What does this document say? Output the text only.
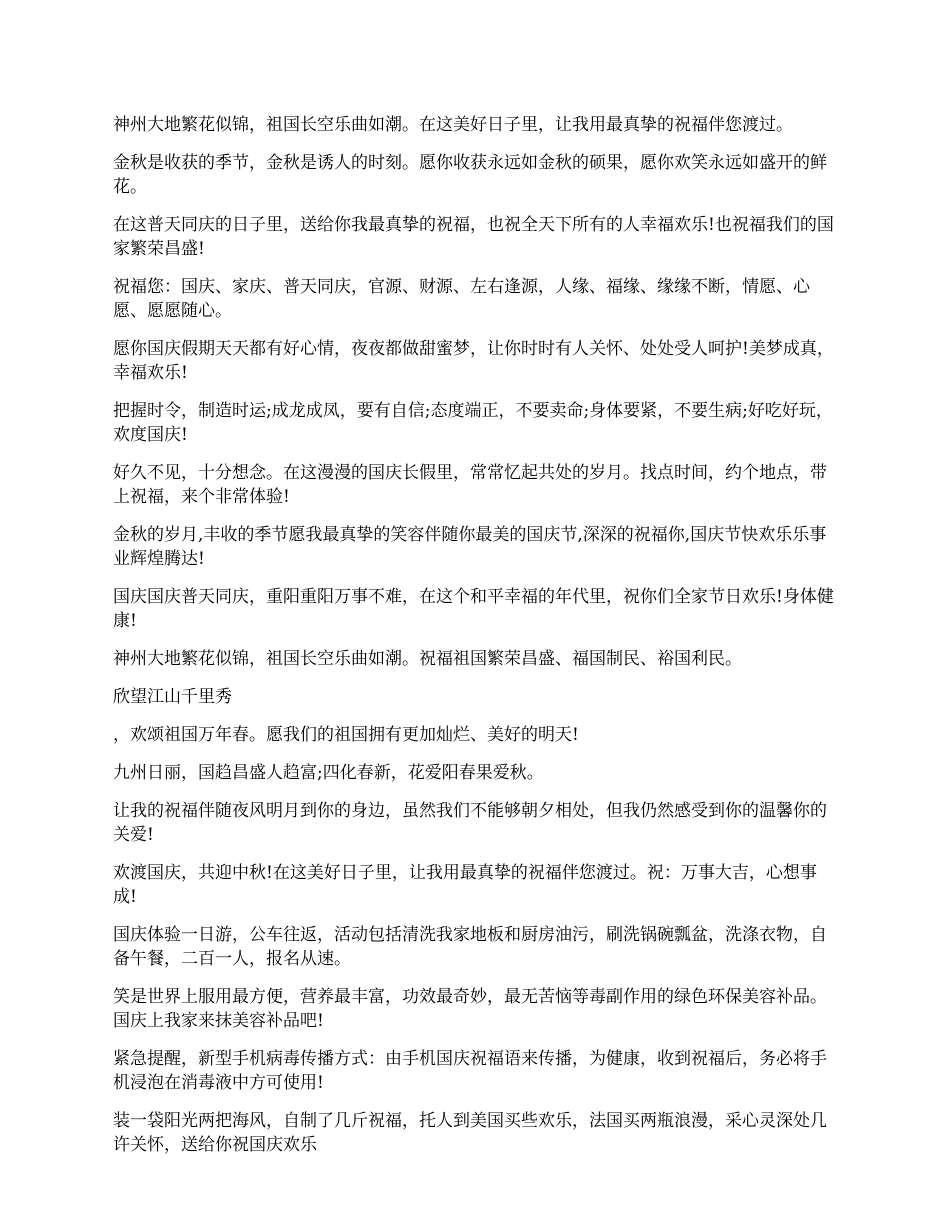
神州大地繁花似锦，祖国长空乐曲如潮。在这美好日子里，让我用最真挚的祝福伴您渡过。

金秋是收获的季节，金秋是诱人的时刻。愿你收获永远如金秋的硕果，愿你欢笑永远如盛开的鲜花。

在这普天同庆的日子里，送给你我最真挚的祝福，也祝全天下所有的人幸福欢乐!也祝福我们的国家繁荣昌盛!

祝福您：国庆、家庆、普天同庆，官源、财源、左右逢源，人缘、福缘、缘缘不断，情愿、心愿、愿愿随心。

愿你国庆假期天天都有好心情，夜夜都做甜蜜梦，让你时时有人关怀、处处受人呵护!美梦成真，幸福欢乐!

把握时令，制造时运;成龙成凤，要有自信;态度端正，不要卖命;身体要紧，不要生病;好吃好玩，欢度国庆!

好久不见，十分想念。在这漫漫的国庆长假里，常常忆起共处的岁月。找点时间，约个地点，带上祝福，来个非常体验!

金秋的岁月,丰收的季节愿我最真挚的笑容伴随你最美的国庆节,深深的祝福你,国庆节快欢乐乐事业辉煌腾达!

国庆国庆普天同庆，重阳重阳万事不难，在这个和平幸福的年代里，祝你们全家节日欢乐!身体健康!

神州大地繁花似锦，祖国长空乐曲如潮。祝福祖国繁荣昌盛、福国制民、裕国利民。

欣望江山千里秀

，欢颂祖国万年春。愿我们的祖国拥有更加灿烂、美好的明天!

九州日丽，国趋昌盛人趋富;四化春新，花爱阳春果爱秋。

让我的祝福伴随夜风明月到你的身边，虽然我们不能够朝夕相处，但我仍然感受到你的温馨你的关爱!

欢渡国庆，共迎中秋!在这美好日子里，让我用最真挚的祝福伴您渡过。祝：万事大吉，心想事成!

国庆体验一日游，公车往返，活动包括清洗我家地板和厨房油污，刷洗锅碗瓢盆，洗涤衣物，自备午餐，二百一人，报名从速。

笑是世界上服用最方便，营养最丰富，功效最奇妙，最无苦恼等毒副作用的绿色环保美容补品。国庆上我家来抹美容补品吧!

紧急提醒，新型手机病毒传播方式：由手机国庆祝福语来传播，为健康，收到祝福后，务必将手机浸泡在消毒液中方可使用!

装一袋阳光两把海风，自制了几斤祝福，托人到美国买些欢乐，法国买两瓶浪漫，采心灵深处几许关怀，送给你祝国庆欢乐
